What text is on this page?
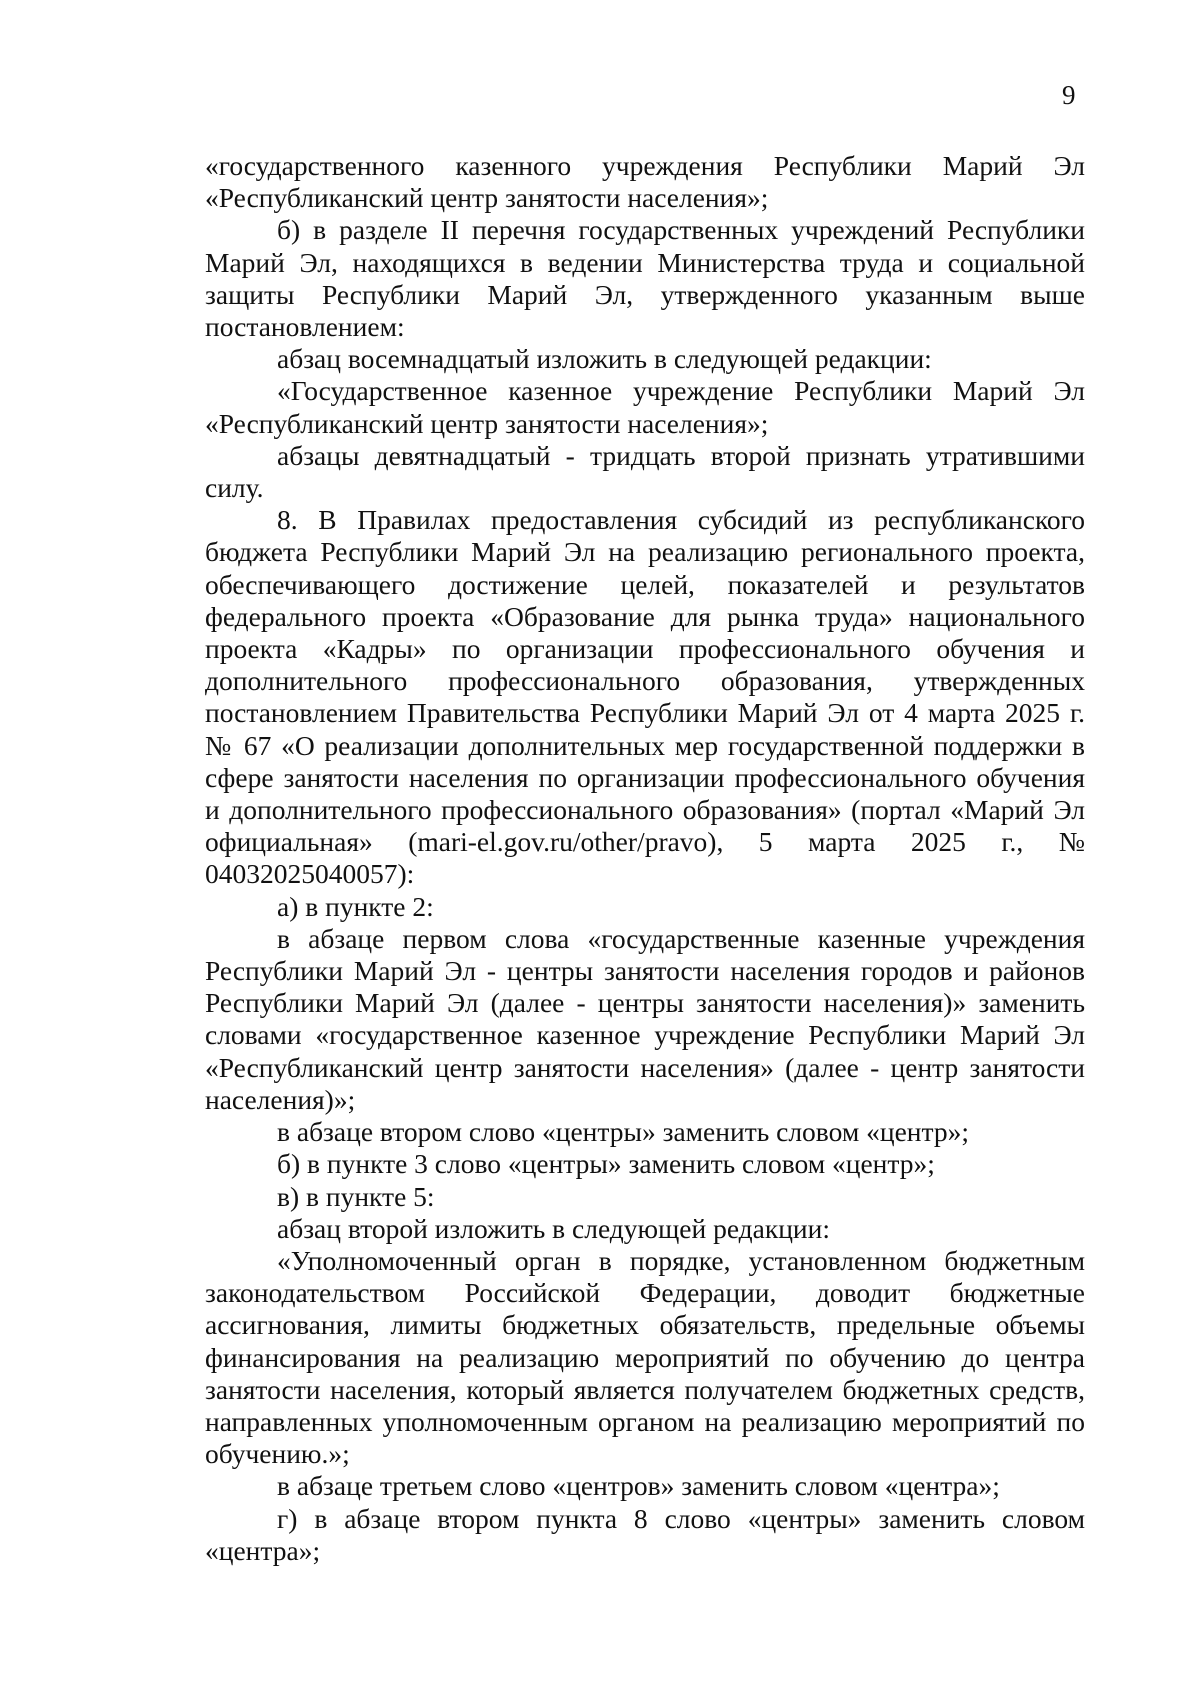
9

«государственного казенного учреждения Республики Марий Эл «Республиканский центр занятости населения»;

б) в разделе II перечня государственных учреждений Республики Марий Эл, находящихся в ведении Министерства труда и социальной защиты Республики Марий Эл, утвержденного указанным выше постановлением:

абзац восемнадцатый изложить в следующей редакции:

«Государственное казенное учреждение Республики Марий Эл «Республиканский центр занятости населения»;

абзацы девятнадцатый - тридцать второй признать утратившими силу.

8. В Правилах предоставления субсидий из республиканского бюджета Республики Марий Эл на реализацию регионального проекта, обеспечивающего достижение целей, показателей и результатов федерального проекта «Образование для рынка труда» национального проекта «Кадры» по организации профессионального обучения и дополнительного профессионального образования, утвержденных постановлением Правительства Республики Марий Эл от 4 марта 2025 г. № 67 «О реализации дополнительных мер государственной поддержки в сфере занятости населения по организации профессионального обучения и дополнительного профессионального образования» (портал «Марий Эл официальная» (mari-el.gov.ru/other/pravo), 5 марта 2025 г., № 04032025040057):

а) в пункте 2:

в абзаце первом слова «государственные казенные учреждения Республики Марий Эл - центры занятости населения городов и районов Республики Марий Эл (далее - центры занятости населения)» заменить словами «государственное казенное учреждение Республики Марий Эл «Республиканский центр занятости населения» (далее - центр занятости населения)»;

в абзаце втором слово «центры» заменить словом «центр»;

б) в пункте 3 слово «центры» заменить словом «центр»;

в) в пункте 5:

абзац второй изложить в следующей редакции:

«Уполномоченный орган в порядке, установленном бюджетным законодательством Российской Федерации, доводит бюджетные ассигнования, лимиты бюджетных обязательств, предельные объемы финансирования на реализацию мероприятий по обучению до центра занятости населения, который является получателем бюджетных средств, направленных уполномоченным органом на реализацию мероприятий по обучению.»;

в абзаце третьем слово «центров» заменить словом «центра»;

г) в абзаце втором пункта 8 слово «центры» заменить словом «центра»;
